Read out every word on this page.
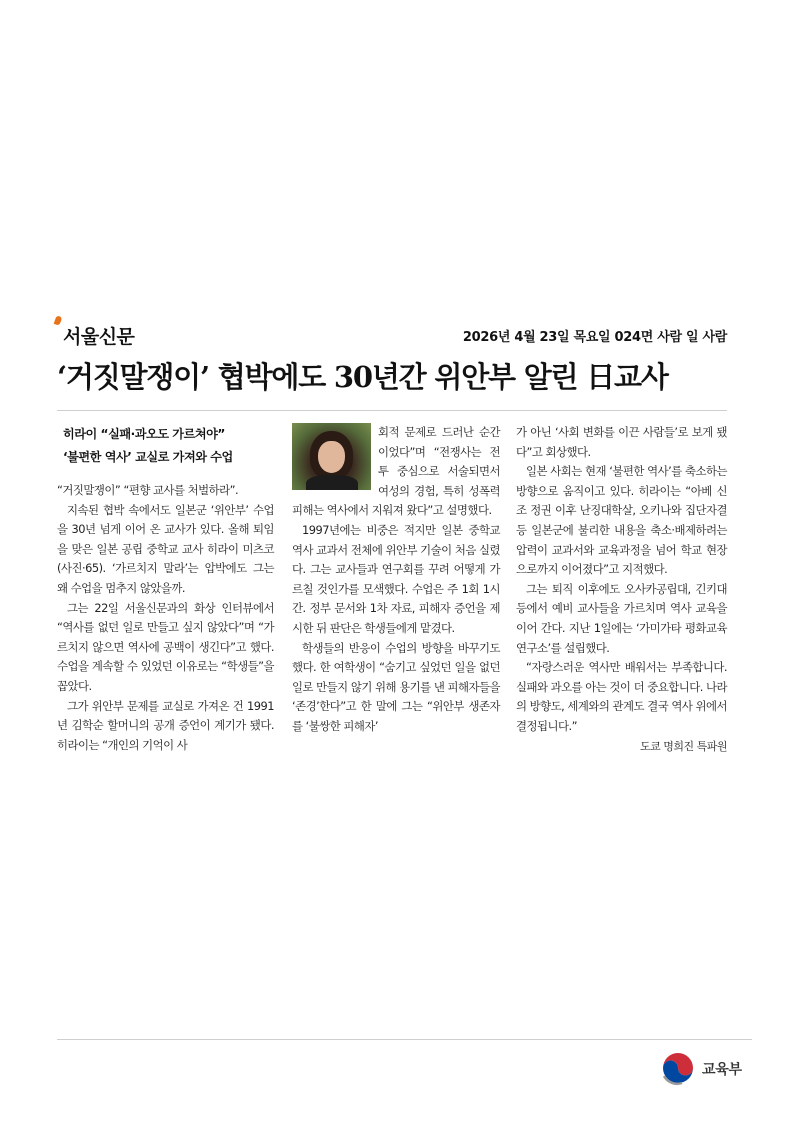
서울신문	2026년 4월 23일 목요일 024면 사람 일 사람
‘거짓말쟁이’ 협박에도 30년간 위안부 알린 日교사
히라이 “실패·과오도 가르쳐야”
‘불편한 역사’ 교실로 가져와 수업

“거짓말쟁이” “편향 교사를 처벌하라”.

지속된 협박 속에서도 일본군 ‘위안부’ 수업을 30년 넘게 이어 온 교사가 있다. 올해 퇴임을 맞은 일본 공립 중학교 교사 히라이 미츠코(사진·65). ‘가르치지 말라’는 압박에도 그는 왜 수업을 멈추지 않았을까.

그는 22일 서울신문과의 화상 인터뷰에서 “역사를 없던 일로 만들고 싶지 않았다”며 “가르치지 않으면 역사에 공백이 생긴다”고 했다. 수업을 계속할 수 있었던 이유로는 “학생들”을 꼽았다.

그가 위안부 문제를 교실로 가져온 건 1991년 김학순 할머니의 공개 증언이 계기가 됐다. 히라이는 “개인의 기억이 사

회적 문제로 드러난 순간이었다”며 “전쟁사는 전투 중심으로 서술되면서 여성의 경험, 특히 성폭력 피해는 역사에서 지워져 왔다”고 설명했다.

1997년에는 비중은 적지만 일본 중학교 역사 교과서 전체에 위안부 기술이 처음 실렸다. 그는 교사들과 연구회를 꾸려 어떻게 가르칠 것인가를 모색했다. 수업은 주 1회 1시간. 정부 문서와 1차 자료, 피해자 증언을 제시한 뒤 판단은 학생들에게 맡겼다.

학생들의 반응이 수업의 방향을 바꾸기도 했다. 한 여학생이 “숨기고 싶었던 일을 없던 일로 만들지 않기 위해 용기를 낸 피해자들을 ‘존경’한다”고 한 말에 그는 “위안부 생존자를 ‘불쌍한 피해자’

가 아닌 ‘사회 변화를 이끈 사람들’로 보게 됐다”고 회상했다.

일본 사회는 현재 ‘불편한 역사’를 축소하는 방향으로 움직이고 있다. 히라이는 “아베 신조 정권 이후 난징대학살, 오키나와 집단자결 등 일본군에 불리한 내용을 축소·배제하려는 압력이 교과서와 교육과정을 넘어 학교 현장으로까지 이어졌다”고 지적했다.

그는 퇴직 이후에도 오사카공립대, 긴키대 등에서 예비 교사들을 가르치며 역사 교육을 이어 간다. 지난 1일에는 ‘가미가타 평화교육연구소’를 설립했다.

“자랑스러운 역사만 배워서는 부족합니다. 실패와 과오를 아는 것이 더 중요합니다. 나라의 방향도, 세계와의 관계도 결국 역사 위에서 결정됩니다.”

도쿄 명희진 특파원

교육부
